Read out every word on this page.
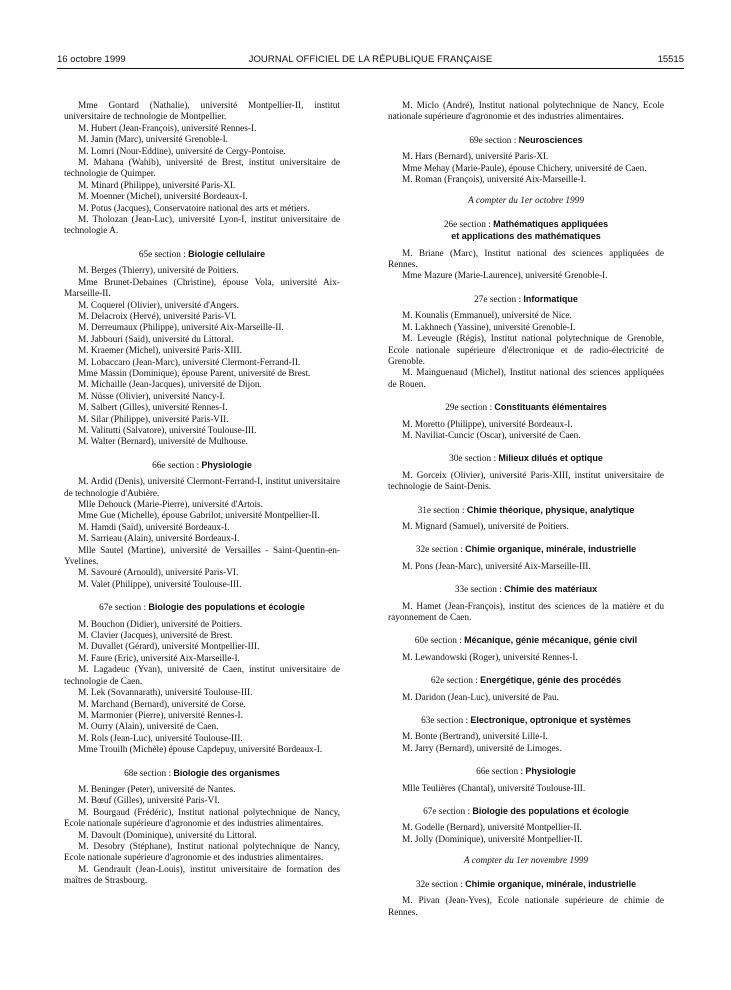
16 octobre 1999	JOURNAL OFFICIEL DE LA RÉPUBLIQUE FRANÇAISE	15515

Mme Gontard (Nathalie), université Montpellier-II, institut universitaire de technologie de Montpellier.

M. Hubert (Jean-François), université Rennes-I.

M. Jamin (Marc), université Grenoble-I.

M. Lomri (Nour-Eddine), université de Cergy-Pontoise.

M. Mahana (Wahib), université de Brest, institut universitaire de technologie de Quimper.

M. Minard (Philippe), université Paris-XI.

M. Moenner (Michel), université Bordeaux-I.

M. Potus (Jacques), Conservatoire national des arts et métiers.

M. Tholozan (Jean-Luc), université Lyon-I, institut universitaire de technologie A.

65e section : Biologie cellulaire

M. Berges (Thierry), université de Poitiers.

Mme Brunet-Debaines (Christine), épouse Vola, université Aix-Marseille-II.

M. Coquerel (Olivier), université d'Angers.

M. Delacroix (Hervé), université Paris-VI.

M. Derreumaux (Philippe), université Aix-Marseille-II.

M. Jabbouri (Saïd), université du Littoral.

M. Kraemer (Michel), université Paris-XIII.

M. Lobaccaro (Jean-Marc), université Clermont-Ferrand-II.

Mme Massin (Dominique), épouse Parent, université de Brest.

M. Michaille (Jean-Jacques), université de Dijon.

M. Nüsse (Olivier), université Nancy-I.

M. Salbert (Gilles), université Rennes-I.

M. Silar (Philippe), université Paris-VII.

M. Valitutti (Salvatore), université Toulouse-III.

M. Walter (Bernard), université de Mulhouse.

66e section : Physiologie

M. Ardid (Denis), université Clermont-Ferrand-I, institut universitaire de technologie d'Aubière.

Mlle Dehouck (Marie-Pierre), université d'Artois.

Mme Gue (Michelle), épouse Gabrilot, université Montpellier-II.

M. Hamdi (Saïd), université Bordeaux-I.

M. Sarrieau (Alain), université Bordeaux-I.

Mlle Sautel (Martine), université de Versailles - Saint-Quentin-en-Yvelines.

M. Savouré (Arnould), université Paris-VI.

M. Valet (Philippe), université Toulouse-III.

67e section : Biologie des populations et écologie

M. Bouchon (Didier), université de Poitiers.

M. Clavier (Jacques), université de Brest.

M. Duvallet (Gérard), université Montpellier-III.

M. Faure (Eric), université Aix-Marseille-I.

M. Lagadeuc (Yvan), université de Caen, institut universitaire de technologie de Caen.

M. Lek (Sovannarath), université Toulouse-III.

M. Marchand (Bernard), université de Corse.

M. Marmonier (Pierre), université Rennes-I.

M. Ourry (Alain), université de Caen.

M. Rols (Jean-Luc), université Toulouse-III.

Mme Trouilh (Michèle) épouse Capdepuy, université Bordeaux-I.

68e section : Biologie des organismes

M. Beninger (Peter), université de Nantes.

M. Bœuf (Gilles), université Paris-VI.

M. Bourgaud (Frédéric), Institut national polytechnique de Nancy, Ecole nationale supérieure d'agronomie et des industries alimentaires.

M. Davoult (Dominique), université du Littoral.

M. Desobry (Stéphane), Institut national polytechnique de Nancy, Ecole nationale supérieure d'agronomie et des industries alimentaires.

M. Gendrault (Jean-Louis), institut universitaire de formation des maîtres de Strasbourg.

M. Miclo (André), Institut national polytechnique de Nancy, Ecole nationale supérieure d'agronomie et des industries alimentaires.

69e section : Neurosciences

M. Hars (Bernard), université Paris-XI.

Mme Mehay (Marie-Paule), épouse Chichery, université de Caen.

M. Roman (François), université Aix-Marseille-I.

A compter du 1er octobre 1999
26e section : Mathématiques appliquées
et applications des mathématiques

M. Briane (Marc), Institut national des sciences appliquées de Rennes.

Mme Mazure (Marie-Laurence), université Grenoble-I.

27e section : Informatique

M. Kounalis (Emmanuel), université de Nice.

M. Lakhnech (Yassine), université Grenoble-I.

M. Leveugle (Régis), Institut national polytechnique de Grenoble, Ecole nationale supérieure d'électronique et de radio-électricité de Grenoble.

M. Mainguenaud (Michel), Institut national des sciences appliquées de Rouen.

29e section : Constituants élémentaires

M. Moretto (Philippe), université Bordeaux-I.

M. Naviliat-Cuncic (Oscar), université de Caen.

30e section : Milieux dilués et optique

M. Gorceix (Olivier), université Paris-XIII, institut universitaire de technologie de Saint-Denis.

31e section : Chimie théorique, physique, analytique

M. Mignard (Samuel), université de Poitiers.

32e section : Chimie organique, minérale, industrielle

M. Pons (Jean-Marc), université Aix-Marseille-III.

33e section : Chimie des matériaux

M. Hamet (Jean-François), institut des sciences de la matière et du rayonnement de Caen.

60e section : Mécanique, génie mécanique, génie civil

M. Lewandowski (Roger), université Rennes-I.

62e section : Energétique, génie des procédés

M. Daridon (Jean-Luc), université de Pau.

63e section : Electronique, optronique et systèmes

M. Bonte (Bertrand), université Lille-I.

M. Jarry (Bernard), université de Limoges.

66e section : Physiologie

Mlle Teulières (Chantal), université Toulouse-III.

67e section : Biologie des populations et écologie

M. Godelle (Bernard), université Montpellier-II.

M. Jolly (Dominique), université Montpellier-II.

A compter du 1er novembre 1999
32e section : Chimie organique, minérale, industrielle

M. Pivan (Jean-Yves), Ecole nationale supérieure de chimie de Rennes.
